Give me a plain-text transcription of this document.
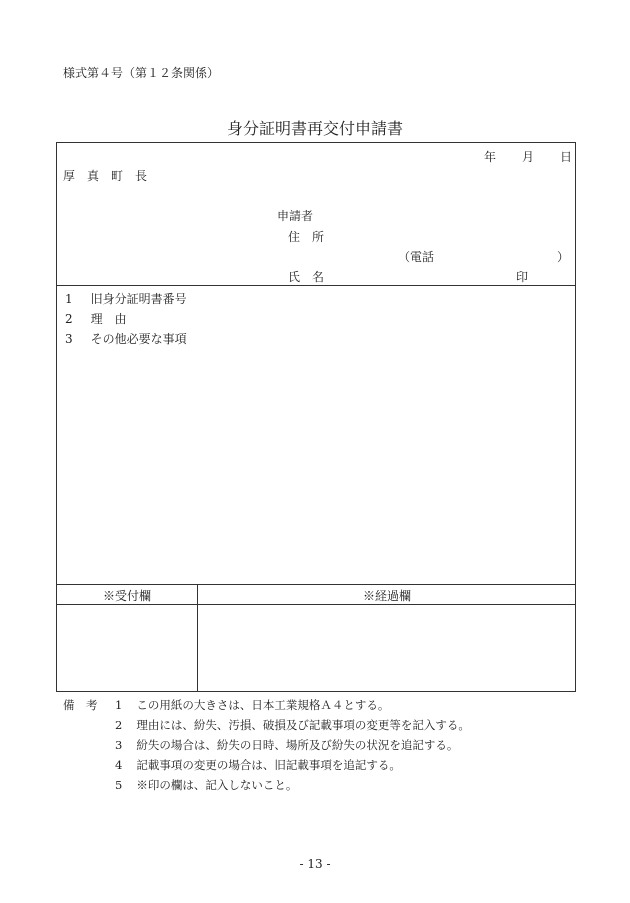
様式第４号（第１２条関係）
身分証明書再交付申請書
年 月 日
厚　真　町　長
申請者
住　所
（電話	）
氏　名	印
1 旧身分証明書番号
2 理　由
3 その他必要な事項
※受付欄	※経過欄
備　考 1 この用紙の大きさは、日本工業規格Ａ４とする。
2 理由には、紛失、汚損、破損及び記載事項の変更等を記入する。
3 紛失の場合は、紛失の日時、場所及び紛失の状況を追記する。
4 記載事項の変更の場合は、旧記載事項を追記する。
5 ※印の欄は、記入しないこと。
- 13 -
